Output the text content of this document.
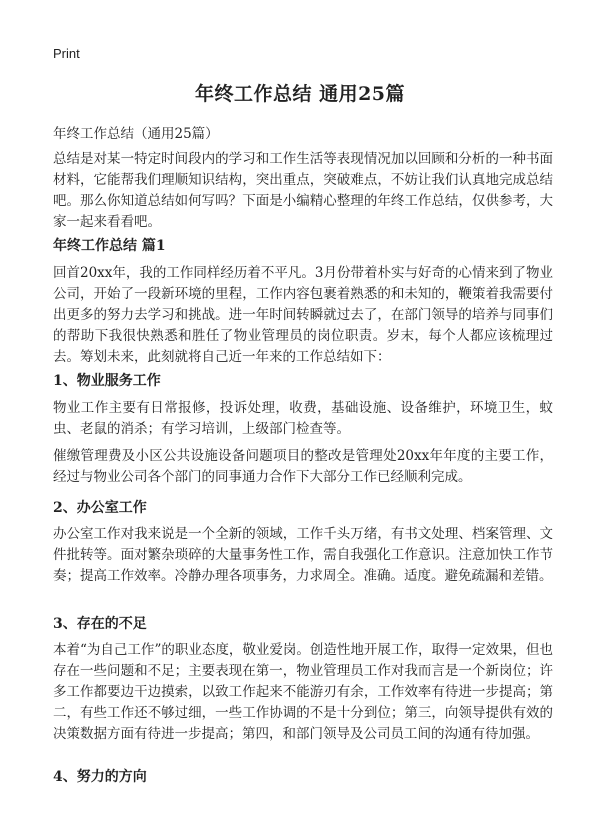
Print
年终工作总结 通用25篇
年终工作总结（通用25篇）

总结是对某一特定时间段内的学习和工作生活等表现情况加以回顾和分析的一种书面材料，它能帮我们理顺知识结构，突出重点，突破难点，不妨让我们认真地完成总结吧。那么你知道总结如何写吗？下面是小编精心整理的年终工作总结，仅供参考，大家一起来看看吧。

年终工作总结 篇1

回首20xx年，我的工作同样经历着不平凡。3月份带着朴实与好奇的心情来到了物业公司，开始了一段新环境的里程，工作内容包裹着熟悉的和未知的，鞭策着我需要付出更多的努力去学习和挑战。进一年时间转瞬就过去了，在部门领导的培养与同事们的帮助下我很快熟悉和胜任了物业管理员的岗位职责。岁末，每个人都应该梳理过去。筹划未来，此刻就将自己近一年来的工作总结如下：

1、物业服务工作

物业工作主要有日常报修，投诉处理，收费，基础设施、设备维护，环境卫生，蚊虫、老鼠的消杀；有学习培训，上级部门检查等。

催缴管理费及小区公共设施设备问题项目的整改是管理处20xx年年度的主要工作，经过与物业公司各个部门的同事通力合作下大部分工作已经顺利完成。

2、办公室工作

办公室工作对我来说是一个全新的领域，工作千头万绪，有书文处理、档案管理、文件批转等。面对繁杂琐碎的大量事务性工作，需自我强化工作意识。注意加快工作节奏；提高工作效率。冷静办理各项事务，力求周全。准确。适度。避免疏漏和差错。

3、存在的不足

本着“为自己工作”的职业态度，敬业爱岗。创造性地开展工作，取得一定效果，但也存在一些问题和不足；主要表现在第一，物业管理员工作对我而言是一个新岗位；许多工作都要边干边摸索，以致工作起来不能游刃有余，工作效率有待进一步提高；第二，有些工作还不够过细，一些工作协调的不是十分到位；第三，向领导提供有效的决策数据方面有待进一步提高；第四，和部门领导及公司员工间的沟通有待加强。

4、努力的方向
